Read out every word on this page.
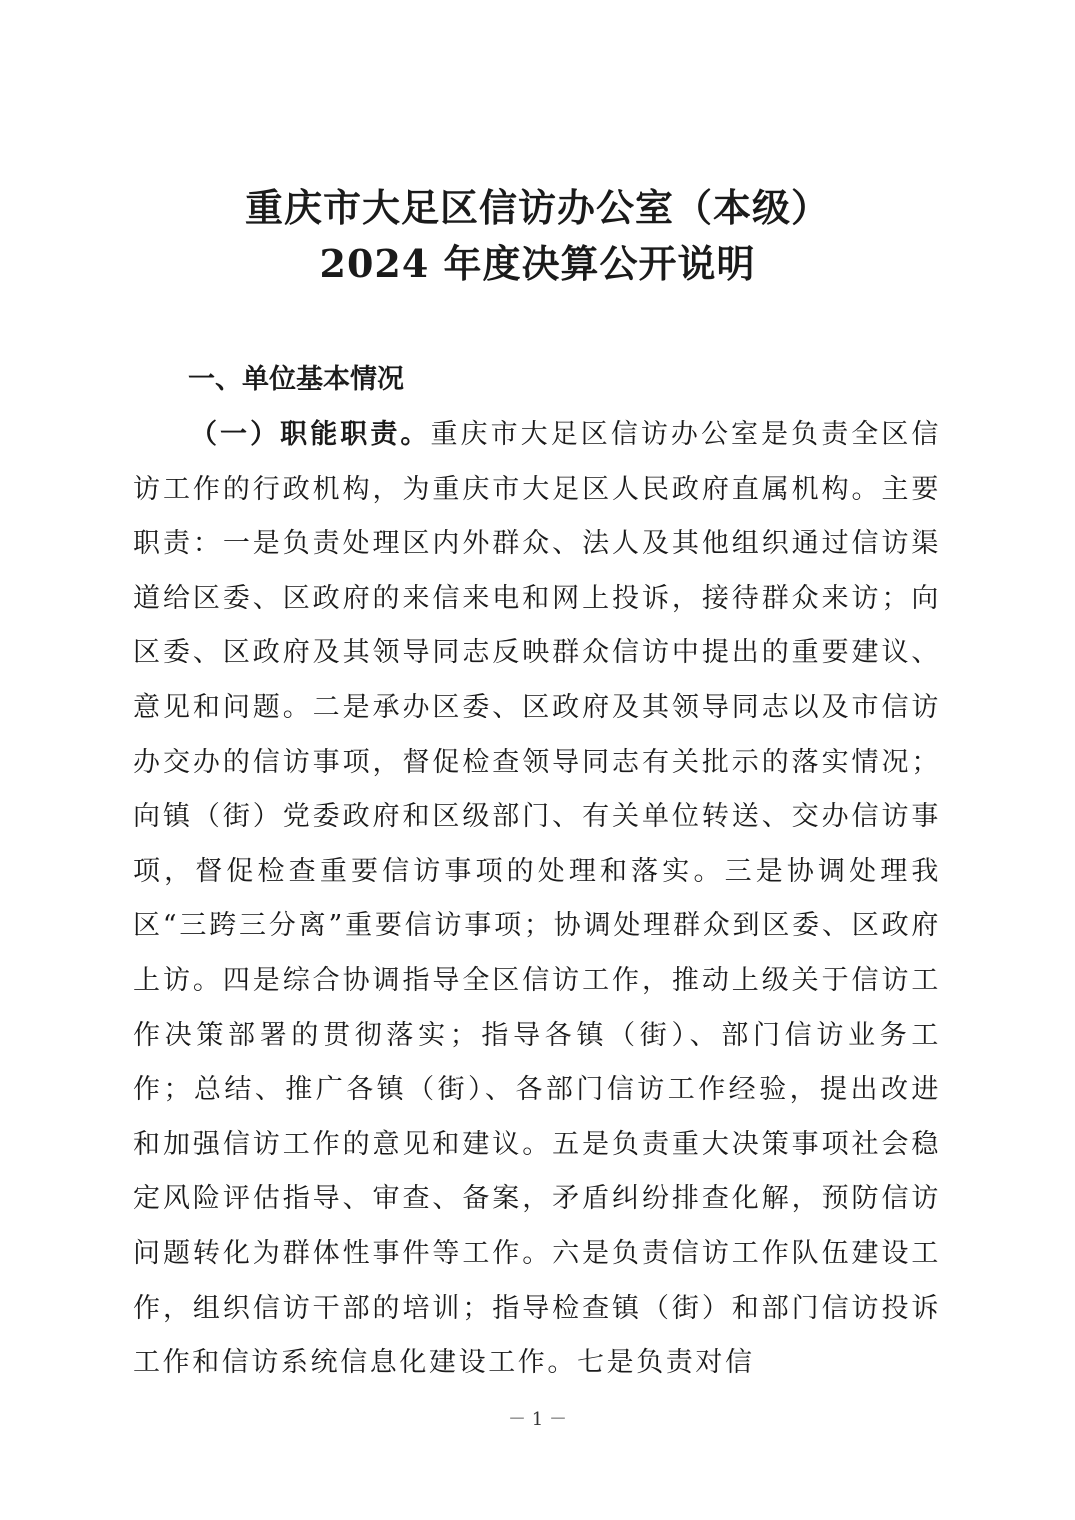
重庆市大足区信访办公室（本级）
2024 年度决算公开说明
一、单位基本情况
（一）职能职责。重庆市大足区信访办公室是负责全区信访工作的行政机构，为重庆市大足区人民政府直属机构。主要职责：一是负责处理区内外群众、法人及其他组织通过信访渠道给区委、区政府的来信来电和网上投诉，接待群众来访；向区委、区政府及其领导同志反映群众信访中提出的重要建议、意见和问题。二是承办区委、区政府及其领导同志以及市信访办交办的信访事项，督促检查领导同志有关批示的落实情况；向镇（街）党委政府和区级部门、有关单位转送、交办信访事项，督促检查重要信访事项的处理和落实。三是协调处理我区“三跨三分离”重要信访事项；协调处理群众到区委、区政府上访。四是综合协调指导全区信访工作，推动上级关于信访工作决策部署的贯彻落实；指导各镇（街）、部门信访业务工作；总结、推广各镇（街）、各部门信访工作经验，提出改进和加强信访工作的意见和建议。五是负责重大决策事项社会稳定风险评估指导、审查、备案，矛盾纠纷排查化解，预防信访问题转化为群体性事件等工作。六是负责信访工作队伍建设工作，组织信访干部的培训；指导检查镇（街）和部门信访投诉工作和信访系统信息化建设工作。七是负责对信
－ 1 －
